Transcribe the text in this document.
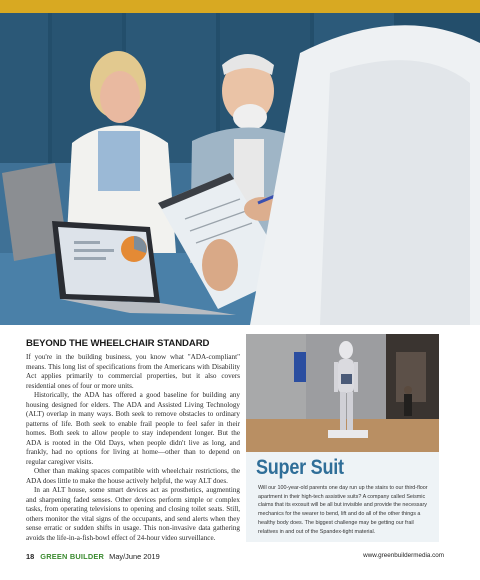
BEYOND THE WHEELCHAIR STANDARD

If you're in the building business, you know what "ADA-compliant" means. This long list of specifications from the Americans with Disability Act applies primarily to commercial properties, but it also covers residential ones of four or more units.

Historically, the ADA has offered a good baseline for building any housing designed for elders. The ADA and Assisted Living Technology (ALT) overlap in many ways. Both seek to remove obstacles to ordinary patterns of life. Both seek to enable frail people to feel safer in their homes. Both seek to allow people to stay independent longer. But the ADA is rooted in the Old Days, when people didn't live as long, and frankly, had no options for living at home—other than to depend on regular caregiver visits.

Other than making spaces compatible with wheelchair restrictions, the ADA does little to make the house actively helpful, the way ALT does.

In an ALT house, some smart devices act as prosthetics, augmenting and sharpening faded senses. Other devices perform simple or complex tasks, from operating televisions to opening and closing toilet seats. Still, others monitor the vital signs of the occupants, and send alerts when they sense erratic or sudden shifts in usage. This non-invasive data gathering avoids the life-in-a-fish-bowl effect of 24-hour video surveillance.

Super Suit
Will our 100-year-old parents one day run up the stairs to our third-floor apartment in their high-tech assistive suits? A company called Seismic claims that its exosuit will be all but invisible and provide the necessary mechanics for the wearer to bend, lift and do all of the other things a healthy body does. The biggest challenge may be getting our frail relatives in and out of the Spandex-tight material.
18 GREEN BUILDER May/June 2019	www.greenbuildermedia.com
